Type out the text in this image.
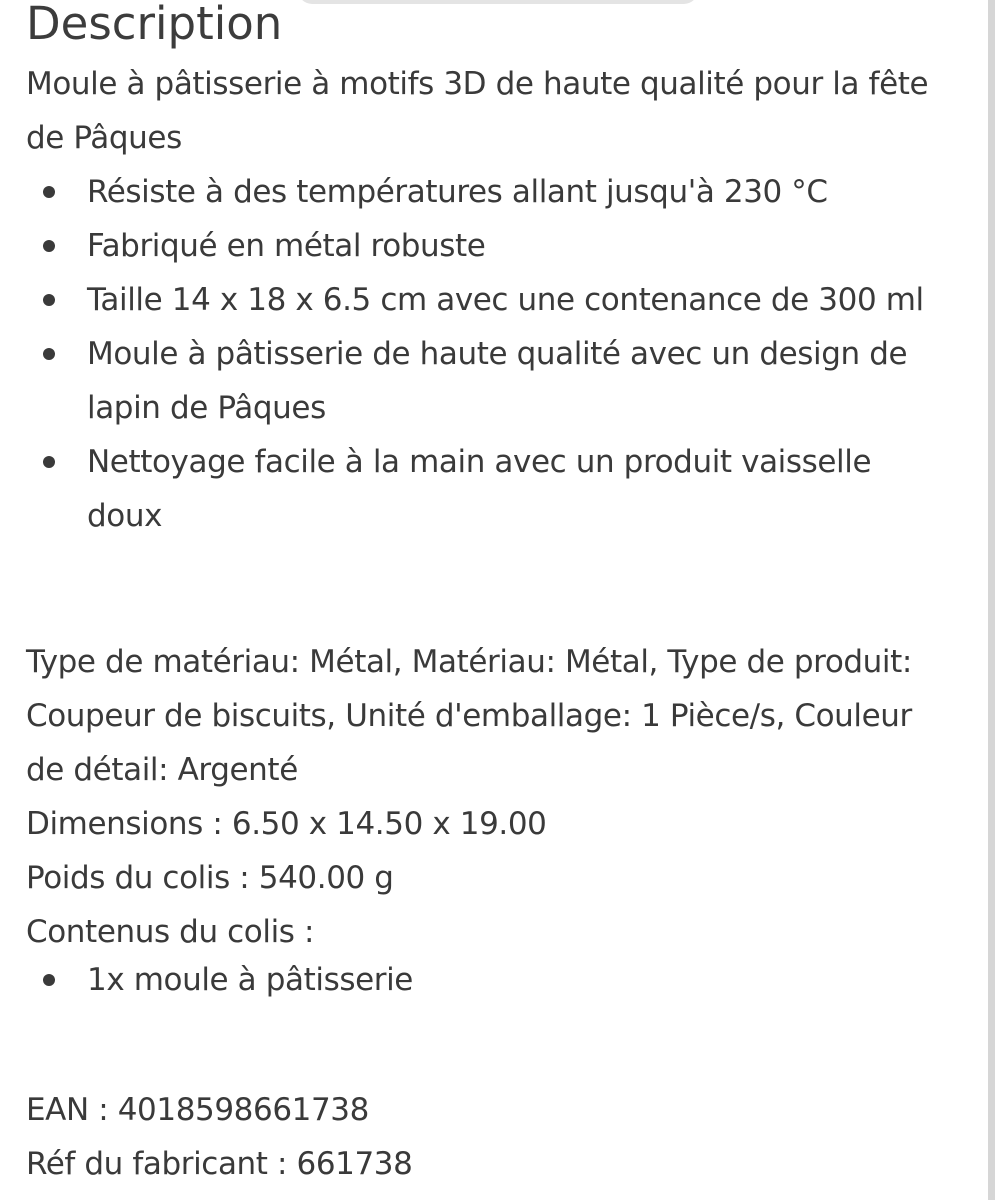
Description
Moule à pâtisserie à motifs 3D de haute qualité pour la fête de Pâques
Résiste à des températures allant jusqu'à 230 °C
Fabriqué en métal robuste
Taille 14 x 18 x 6.5 cm avec une contenance de 300 ml
Moule à pâtisserie de haute qualité avec un design de lapin de Pâques
Nettoyage facile à la main avec un produit vaisselle doux
Type de matériau: Métal, Matériau: Métal, Type de produit: Coupeur de biscuits, Unité d'emballage: 1 Pièce/s, Couleur de détail: Argenté
Dimensions : 6.50 x 14.50 x 19.00
Poids du colis : 540.00 g
Contenus du colis :
1x moule à pâtisserie
EAN : 4018598661738
Réf du fabricant : 661738
